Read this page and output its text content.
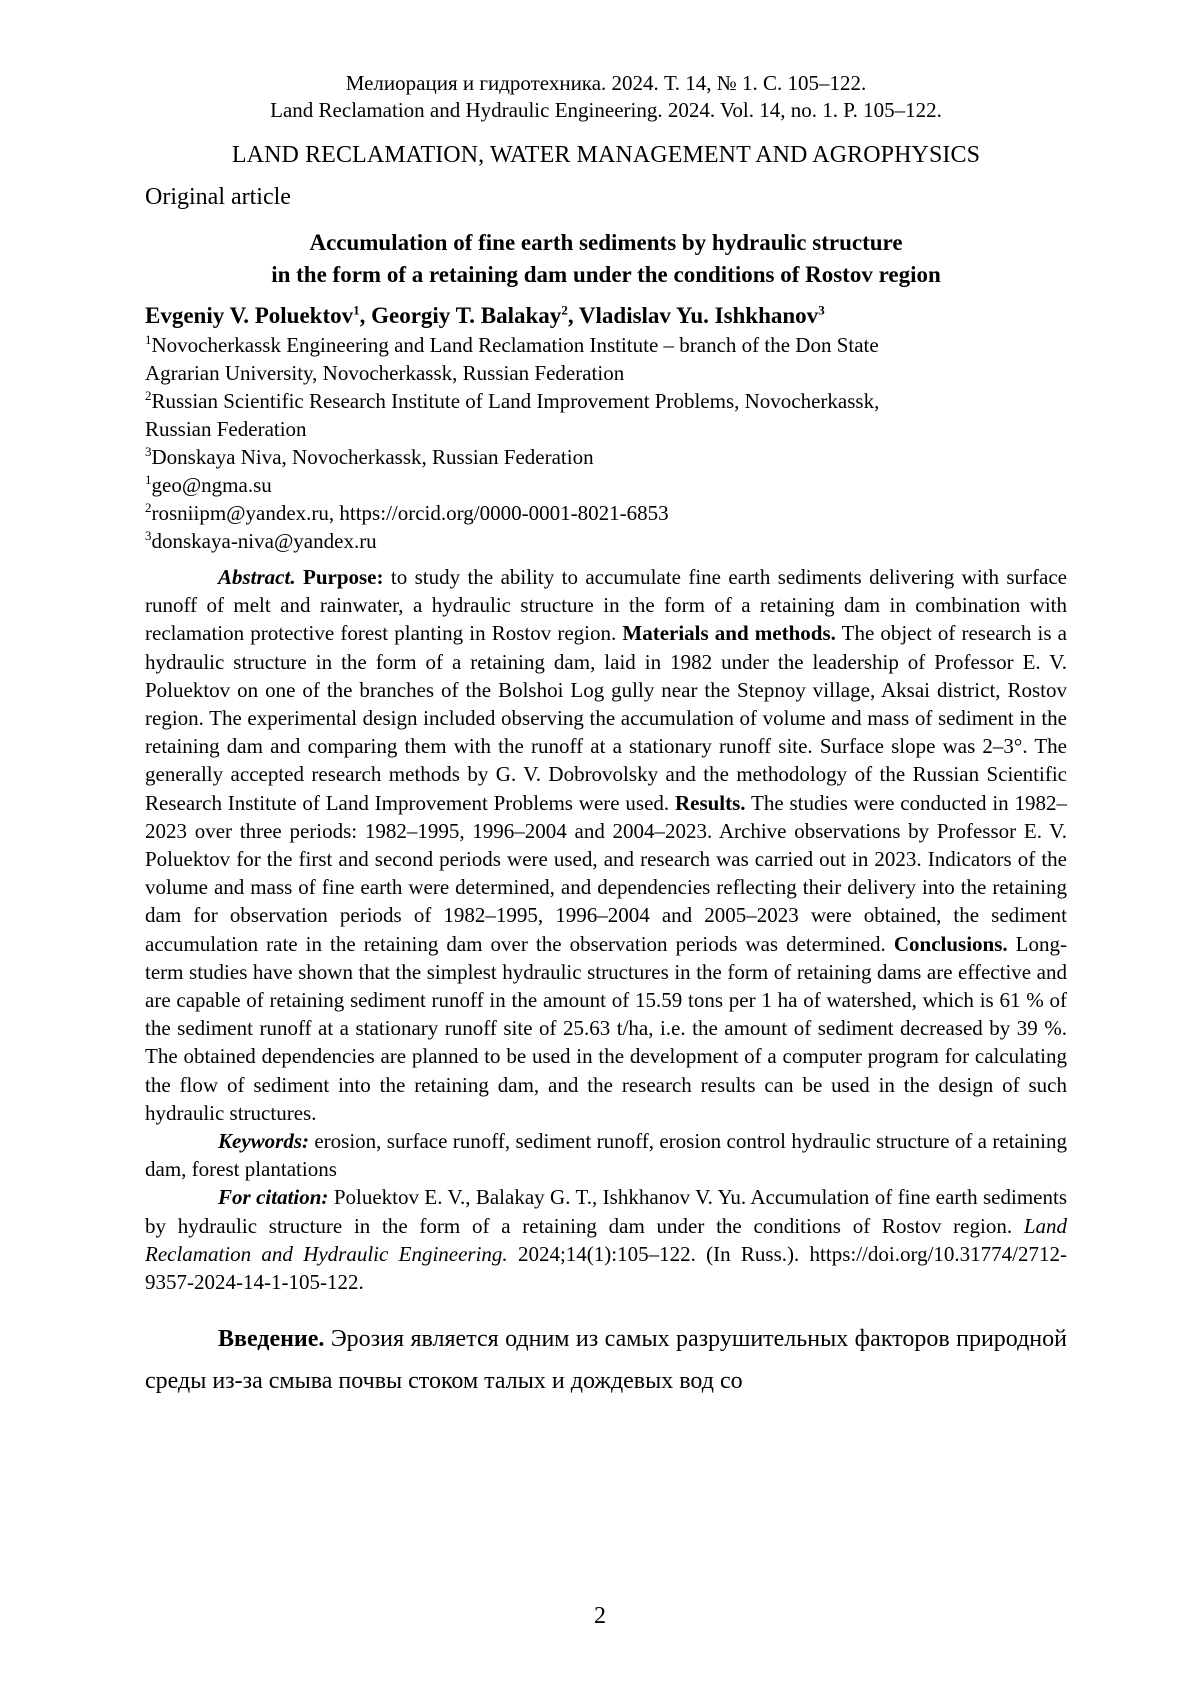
Мелиорация и гидротехника. 2024. Т. 14, № 1. С. 105–122.
Land Reclamation and Hydraulic Engineering. 2024. Vol. 14, no. 1. P. 105–122.
LAND RECLAMATION, WATER MANAGEMENT AND AGROPHYSICS
Original article
Accumulation of fine earth sediments by hydraulic structure
in the form of a retaining dam under the conditions of Rostov region
Evgeniy V. Poluektov$^1$, Georgiy T. Balakay$^2$, Vladislav Yu. Ishkhanov$^3$
$^1$Novocherkassk Engineering and Land Reclamation Institute – branch of the Don State
Agrarian University, Novocherkassk, Russian Federation
$^2$Russian Scientific Research Institute of Land Improvement Problems, Novocherkassk,
Russian Federation
$^3$Donskaya Niva, Novocherkassk, Russian Federation
$^1$geo@ngma.su
$^2$rosniipm@yandex.ru, https://orcid.org/0000-0001-8021-6853
$^3$donskaya-niva@yandex.ru
Abstract. Purpose: to study the ability to accumulate fine earth sediments delivering with surface runoff of melt and rainwater, a hydraulic structure in the form of a retaining dam in combination with reclamation protective forest planting in Rostov region. Materials and methods. The object of research is a hydraulic structure in the form of a retaining dam, laid in 1982 under the leadership of Professor E. V. Poluektov on one of the branches of the Bolshoi Log gully near the Stepnoy village, Aksai district, Rostov region. The experimental design included observing the accumulation of volume and mass of sediment in the retaining dam and comparing them with the runoff at a stationary runoff site. Surface slope was 2–3°. The generally accepted research methods by G. V. Dobrovolsky and the methodology of the Russian Scientific Research Institute of Land Improvement Problems were used. Results. The studies were conducted in 1982–2023 over three periods: 1982–1995, 1996–2004 and 2004–2023. Archive observations by Professor E. V. Poluektov for the first and second periods were used, and research was carried out in 2023. Indicators of the volume and mass of fine earth were determined, and dependencies reflecting their delivery into the retaining dam for observation periods of 1982–1995, 1996–2004 and 2005–2023 were obtained, the sediment accumulation rate in the retaining dam over the observation periods was determined. Conclusions. Long-term studies have shown that the simplest hydraulic structures in the form of retaining dams are effective and are capable of retaining sediment runoff in the amount of 15.59 tons per 1 ha of watershed, which is 61 % of the sediment runoff at a stationary runoff site of 25.63 t/ha, i.e. the amount of sediment decreased by 39 %. The obtained dependencies are planned to be used in the development of a computer program for calculating the flow of sediment into the retaining dam, and the research results can be used in the design of such hydraulic structures.
Keywords: erosion, surface runoff, sediment runoff, erosion control hydraulic structure of a retaining dam, forest plantations
For citation: Poluektov E. V., Balakay G. T., Ishkhanov V. Yu. Accumulation of fine earth sediments by hydraulic structure in the form of a retaining dam under the conditions of Rostov region. Land Reclamation and Hydraulic Engineering. 2024;14(1):105–122. (In Russ.). https://doi.org/10.31774/2712-9357-2024-14-1-105-122.
Введение. Эрозия является одним из самых разрушительных факторов природной среды из-за смыва почвы стоком талых и дождевых вод со
2
